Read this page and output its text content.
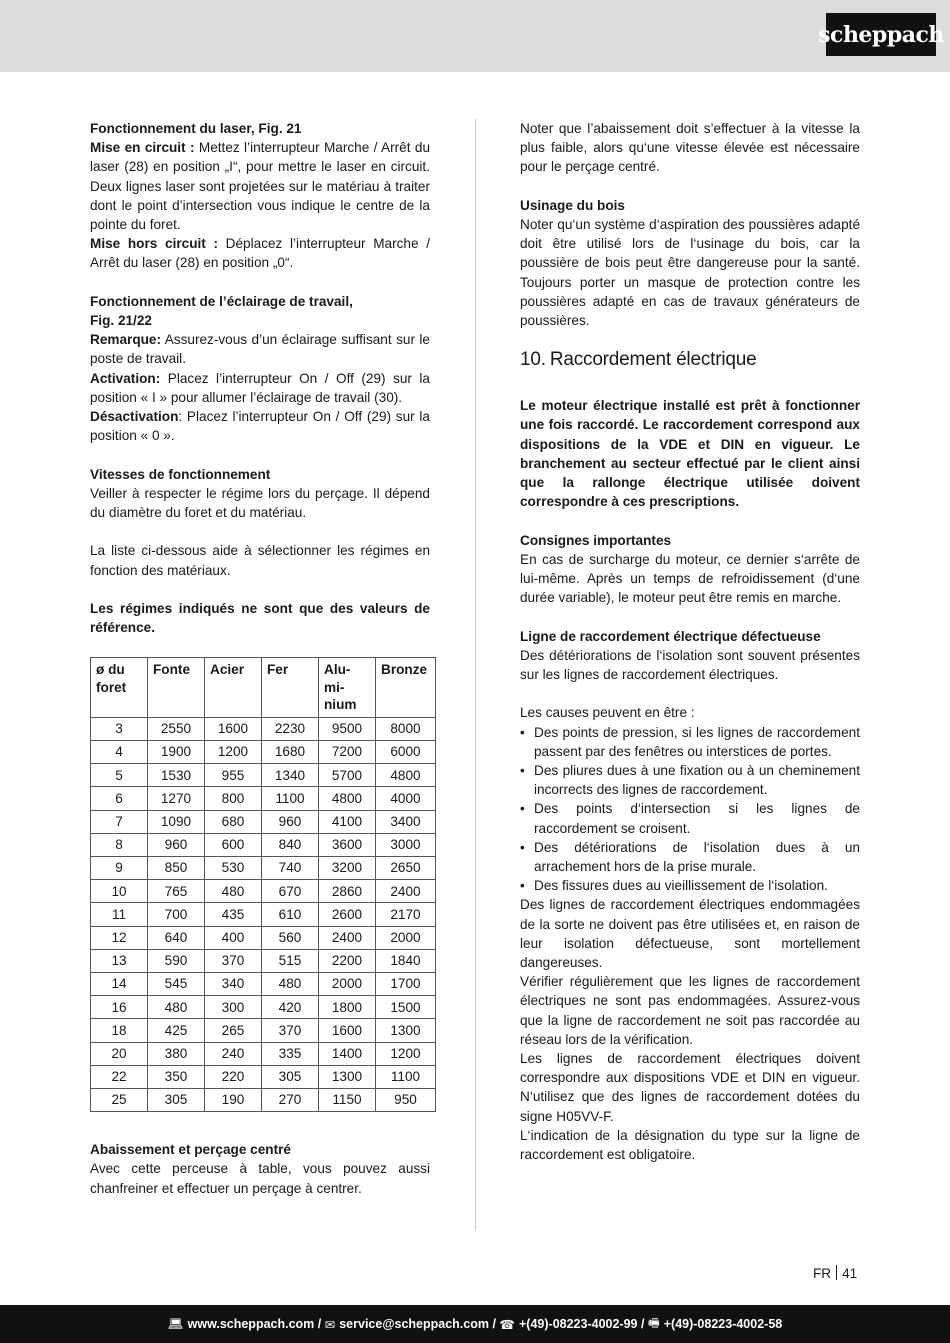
scheppach

Fonctionnement du laser, Fig. 21

Mise en circuit : Mettez l’interrupteur Marche / Arrêt du laser (28) en position „I“, pour mettre le laser en circuit. Deux lignes laser sont projetées sur le matériau à traiter dont le point d’intersection vous indique le centre de la pointe du foret.

Mise hors circuit : Déplacez l’interrupteur Marche / Arrêt du laser (28) en position „0“.

Fonctionnement de l’éclairage de travail,

Fig. 21/22

Remarque: Assurez-vous d’un éclairage suffisant sur le poste de travail.

Activation: Placez l’interrupteur On / Off (29) sur la position « I » pour allumer l’éclairage de travail (30).

Désactivation: Placez l’interrupteur On / Off (29) sur la position « 0 ».

Vitesses de fonctionnement

Veiller à respecter le régime lors du perçage. Il dépend du diamètre du foret et du matériau.

La liste ci-dessous aide à sélectionner les régimes en fonction des matériaux.

Les régimes indiqués ne sont que des valeurs de référence.

ø du foret	Fonte	Acier	Fer	Alu-mi-nium	Bronze
3	2550	1600	2230	9500	8000
4	1900	1200	1680	7200	6000
5	1530	955	1340	5700	4800
6	1270	800	1100	4800	4000
7	1090	680	960	4100	3400
8	960	600	840	3600	3000
9	850	530	740	3200	2650
10	765	480	670	2860	2400
11	700	435	610	2600	2170
12	640	400	560	2400	2000
13	590	370	515	2200	1840
14	545	340	480	2000	1700
16	480	300	420	1800	1500
18	425	265	370	1600	1300
20	380	240	335	1400	1200
22	350	220	305	1300	1100
25	305	190	270	1150	950

Abaissement et perçage centré

Avec cette perceuse à table, vous pouvez aussi chanfreiner et effectuer un perçage à centrer.

Noter que l’abaissement doit s’effectuer à la vitesse la plus faible, alors qu‘une vitesse élevée est nécessaire pour le perçage centré.

Usinage du bois

Noter qu‘un système d‘aspiration des poussières adapté doit être utilisé lors de l‘usinage du bois, car la poussière de bois peut être dangereuse pour la santé. Toujours porter un masque de protection contre les poussières adapté en cas de travaux générateurs de poussières.

10. Raccordement électrique

Le moteur électrique installé est prêt à fonctionner une fois raccordé. Le raccordement correspond aux dispositions de la VDE et DIN en vigueur. Le branchement au secteur effectué par le client ainsi que la rallonge électrique utilisée doivent correspondre à ces prescriptions.

Consignes importantes

En cas de surcharge du moteur, ce dernier s‘arrête de lui-même. Après un temps de refroidissement (d‘une durée variable), le moteur peut être remis en marche.

Ligne de raccordement électrique défectueuse

Des détériorations de l‘isolation sont souvent présentes sur les lignes de raccordement électriques.

Les causes peuvent en être :

• Des points de pression, si les lignes de raccordement passent par des fenêtres ou interstices de portes.
• Des pliures dues à une fixation ou à un cheminement incorrects des lignes de raccordement.
• Des points d‘intersection si les lignes de raccordement se croisent.
• Des détériorations de l‘isolation dues à un arrachement hors de la prise murale.
• Des fissures dues au vieillissement de l‘isolation.

Des lignes de raccordement électriques endommagées de la sorte ne doivent pas être utilisées et, en raison de leur isolation défectueuse, sont mortellement dangereuses.

Vérifier régulièrement que les lignes de raccordement électriques ne sont pas endommagées. Assurez-vous que la ligne de raccordement ne soit pas raccordée au réseau lors de la vérification.

Les lignes de raccordement électriques doivent correspondre aux dispositions VDE et DIN en vigueur. N‘utilisez que des lignes de raccordement dotées du signe H05VV-F.

L‘indication de la désignation du type sur la ligne de raccordement est obligatoire.

FR 41
💻︎ www.scheppach.com /
✉︎ service@scheppach.com /
☎︎ +(49)-08223-4002-99 /
🖷︎ +(49)-08223-4002-58
